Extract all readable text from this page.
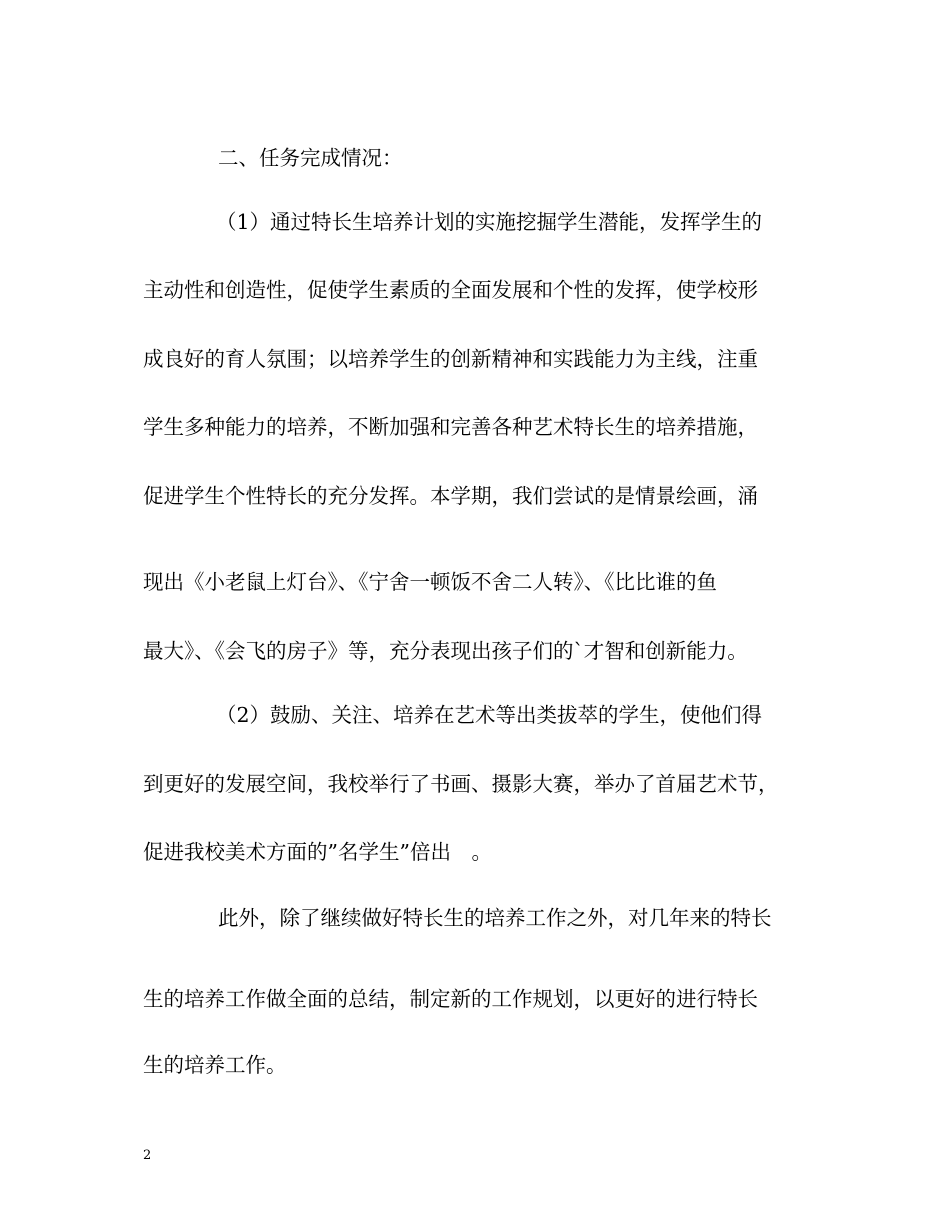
二、任务完成情况：
（1）通过特长生培养计划的实施挖掘学生潜能，发挥学生的
主动性和创造性，促使学生素质的全面发展和个性的发挥，使学校形
成良好的育人氛围；以培养学生的创新精神和实践能力为主线，注重
学生多种能力的培养，不断加强和完善各种艺术特长生的培养措施，
促进学生个性特长的充分发挥。本学期，我们尝试的是情景绘画，涌
现出《小老鼠上灯台》、《宁舍一顿饭不舍二人转》、《比比谁的鱼
最大》、《会飞的房子》等，充分表现出孩子们的`才智和创新能力。
（2）鼓励、关注、培养在艺术等出类拔萃的学生，使他们得
到更好的发展空间，我校举行了书画、摄影大赛，举办了首届艺术节，
促进我校美术方面的”名学生”倍出　。
此外，除了继续做好特长生的培养工作之外，对几年来的特长
生的培养工作做全面的总结，制定新的工作规划，以更好的进行特长
生的培养工作。
2
